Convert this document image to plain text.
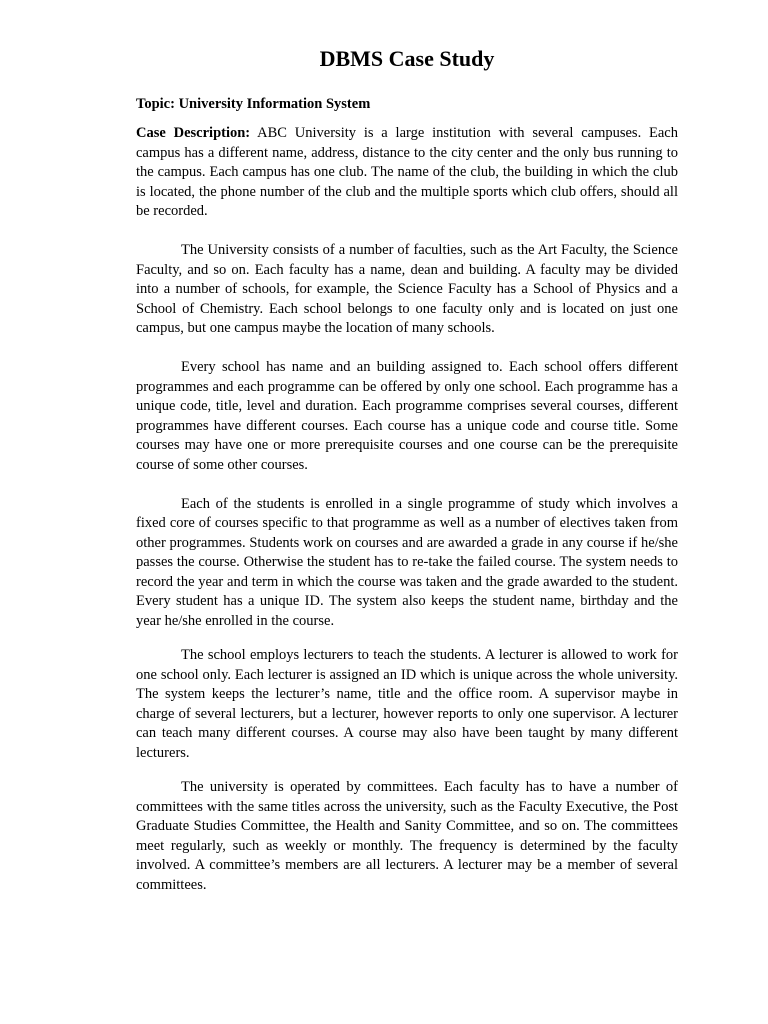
DBMS Case Study
Topic: University Information System

Case Description: ABC University is a large institution with several campuses. Each campus has a different name, address, distance to the city center and the only bus running to the campus. Each campus has one club. The name of the club, the building in which the club is located, the phone number of the club and the multiple sports which club offers, should all be recorded.

The University consists of a number of faculties, such as the Art Faculty, the Science Faculty, and so on. Each faculty has a name, dean and building. A faculty may be divided into a number of schools, for example, the Science Faculty has a School of Physics and a School of Chemistry. Each school belongs to one faculty only and is located on just one campus, but one campus maybe the location of many schools.

Every school has name and an building assigned to. Each school offers different programmes and each programme can be offered by only one school. Each programme has a unique code, title, level and duration. Each programme comprises several courses, different programmes have different courses. Each course has a unique code and course title. Some courses may have one or more prerequisite courses and one course can be the prerequisite course of some other courses.

Each of the students is enrolled in a single programme of study which involves a fixed core of courses specific to that programme as well as a number of electives taken from other programmes. Students work on courses and are awarded a grade in any course if he/she passes the course. Otherwise the student has to re-take the failed course. The system needs to record the year and term in which the course was taken and the grade awarded to the student. Every student has a unique ID. The system also keeps the student name, birthday and the year he/she enrolled in the course.

The school employs lecturers to teach the students. A lecturer is allowed to work for one school only. Each lecturer is assigned an ID which is unique across the whole university. The system keeps the lecturer’s name, title and the office room. A supervisor maybe in charge of several lecturers, but a lecturer, however reports to only one supervisor. A lecturer can teach many different courses. A course may also have been taught by many different lecturers.

The university is operated by committees. Each faculty has to have a number of committees with the same titles across the university, such as the Faculty Executive, the Post Graduate Studies Committee, the Health and Sanity Committee, and so on. The committees meet regularly, such as weekly or monthly. The frequency is determined by the faculty involved. A committee’s members are all lecturers. A lecturer may be a member of several committees.
